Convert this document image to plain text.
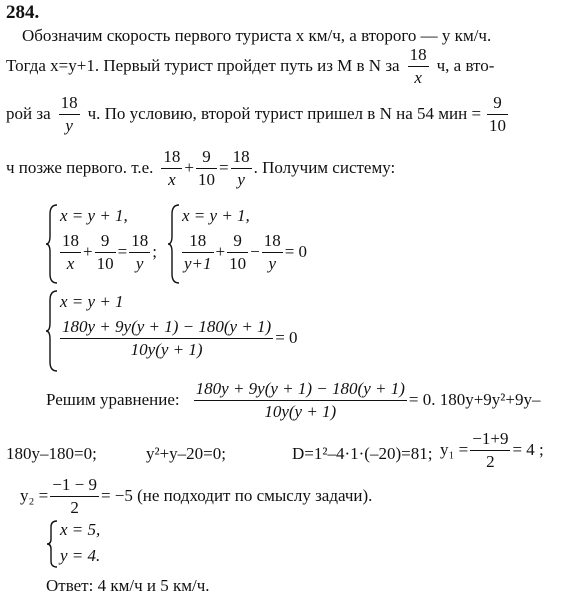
284.
Обозначим скорость первого туриста x км/ч, а второго — y км/ч.
Тогда x=y+1. Первый турист пройдет путь из M в N за $\frac{18}{x} ч$, а вто-
рой за $\frac{18}{y} ч$. По условию, второй турист пришел в N на 54 мин = $\frac{9}{10}$
ч позже первого. т.е. $\frac{18}{x} + \frac{9}{10} = \frac{18}{y}$ . Получим систему:
x = y + 1,
$\frac{18}{x} + \frac{9}{10} = \frac{18}{y}$ ;
x = y + 1,
$\frac{18}{y+1} + \frac{9}{10} - \frac{18}{y} = 0$
x = y + 1
$\frac{180y + 9y(y + 1) - 180(y + 1)}{10y(y + 1)} = 0$
Решим уравнение: $\frac{180y + 9y(y + 1) - 180(y + 1)}{10y(y + 1)} = 0$. 180y+9y²+9y–
180y–180=0;	y²+y–20=0;	D=1²–4·1·(–20)=81; $y_1 = \frac{-1+9}{2} = 4$ ;
$y_2 = \frac{-1 - 9}{2} = -5$ (не подходит по смыслу задачи).
x = 5,
y = 4.
Ответ: 4 км/ч и 5 км/ч.
